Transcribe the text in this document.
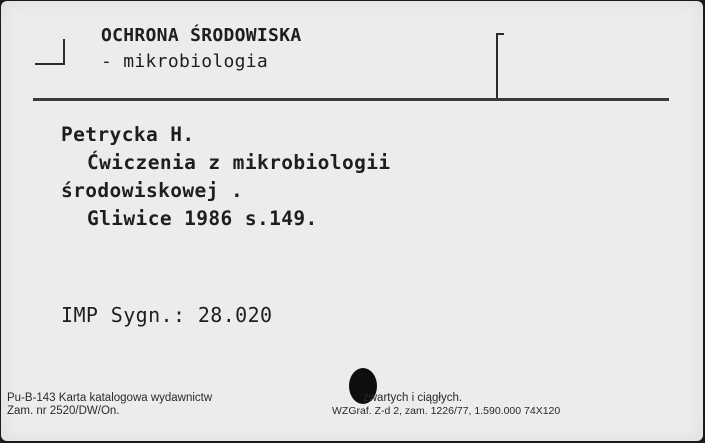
OCHRONA ŚRODOWISKA
- mikrobiologia
Petrycka H.
Ćwiczenia z mikrobiologii
środowiskowej .
Gliwice 1986 s.149.
IMP Sygn.: 28.020
Pu-B-143 Karta katalogowa wydawnictw	zwartych i ciągłych.
Zam. nr 2520/DW/On.	WZGraf. Z-d 2, zam. 1226/77, 1.590.000 74X120
